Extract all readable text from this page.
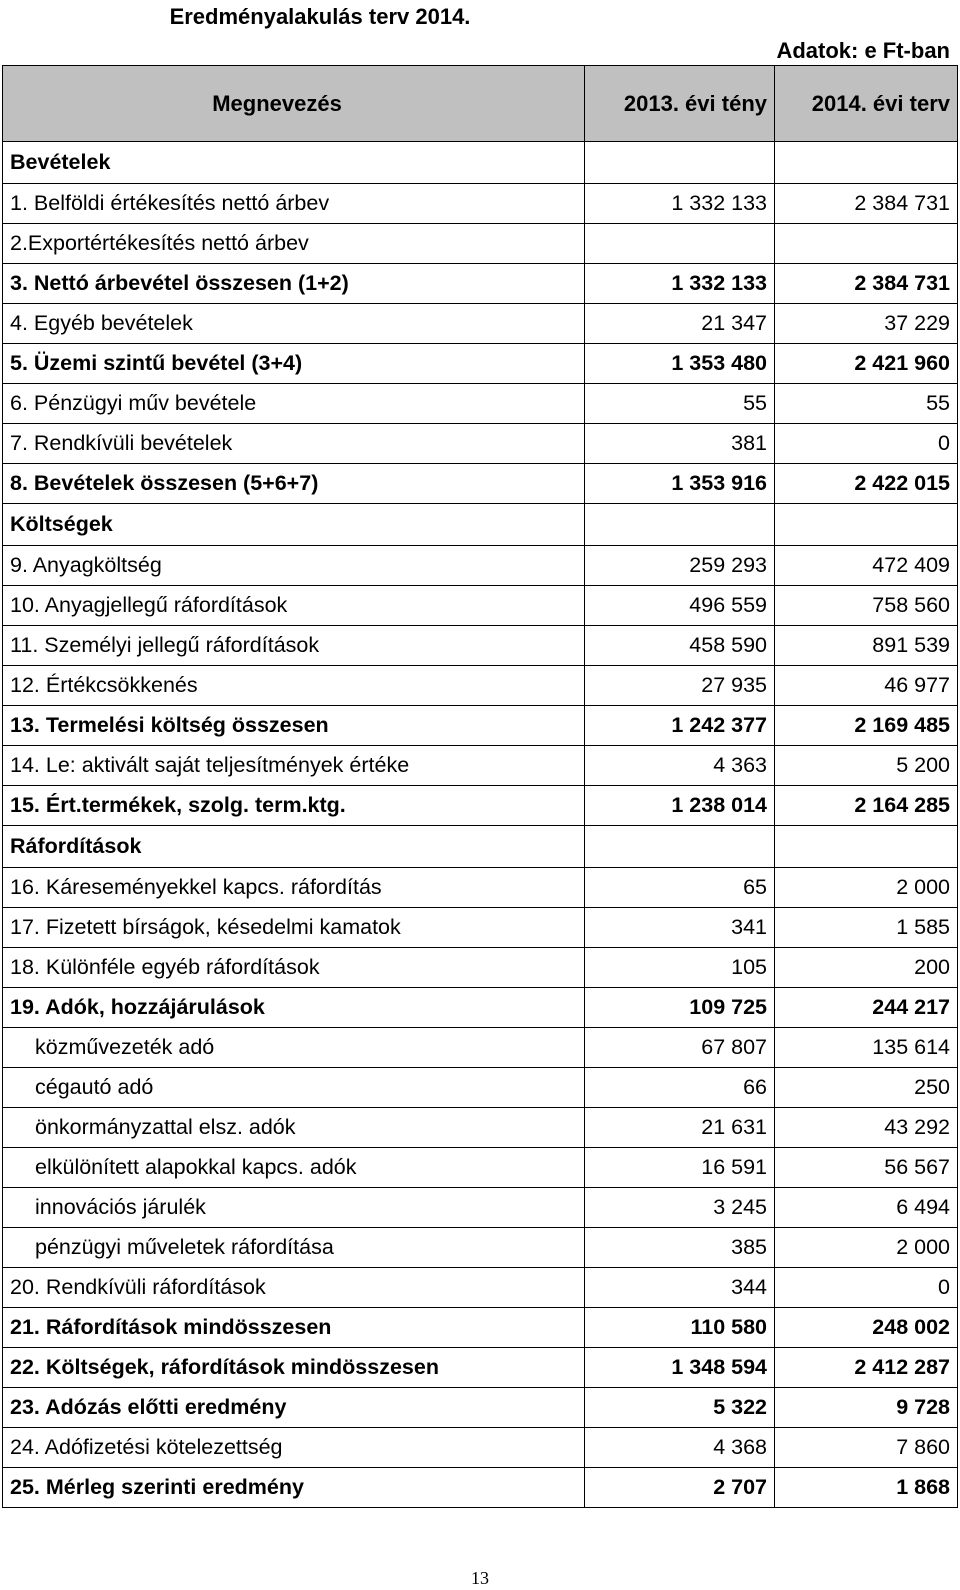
Eredményalakulás terv 2014.
Adatok: e Ft-ban
Megnevezés	2013. évi tény	2014. évi terv
Bevételek		
1. Belföldi értékesítés nettó árbev	1 332 133	2 384 731
2.Exportértékesítés nettó árbev		
3. Nettó árbevétel összesen (1+2)	1 332 133	2 384 731
4. Egyéb bevételek	21 347	37 229
5. Üzemi szintű bevétel (3+4)	1 353 480	2 421 960
6. Pénzügyi műv bevétele	55	55
7. Rendkívüli bevételek	381	0
8. Bevételek összesen (5+6+7)	1 353 916	2 422 015
Költségek		
9. Anyagköltség	259 293	472 409
10. Anyagjellegű ráfordítások	496 559	758 560
11. Személyi jellegű ráfordítások	458 590	891 539
12. Értékcsökkenés	27 935	46 977
13. Termelési költség összesen	1 242 377	2 169 485
14. Le: aktivált saját teljesítmények értéke	4 363	5 200
15. Ért.termékek, szolg. term.ktg.	1 238 014	2 164 285
Ráfordítások		
16. Káreseményekkel kapcs. ráfordítás	65	2 000
17. Fizetett bírságok, késedelmi kamatok	341	1 585
18. Különféle egyéb ráfordítások	105	200
19. Adók, hozzájárulások	109 725	244 217
közművezeték adó	67 807	135 614
cégautó adó	66	250
önkormányzattal elsz. adók	21 631	43 292
elkülönített alapokkal kapcs. adók	16 591	56 567
innovációs járulék	3 245	6 494
pénzügyi műveletek ráfordítása	385	2 000
20. Rendkívüli ráfordítások	344	0
21. Ráfordítások mindösszesen	110 580	248 002
22. Költségek, ráfordítások mindösszesen	1 348 594	2 412 287
23. Adózás előtti eredmény	5 322	9 728
24. Adófizetési kötelezettség	4 368	7 860
25. Mérleg szerinti eredmény	2 707	1 868
13
